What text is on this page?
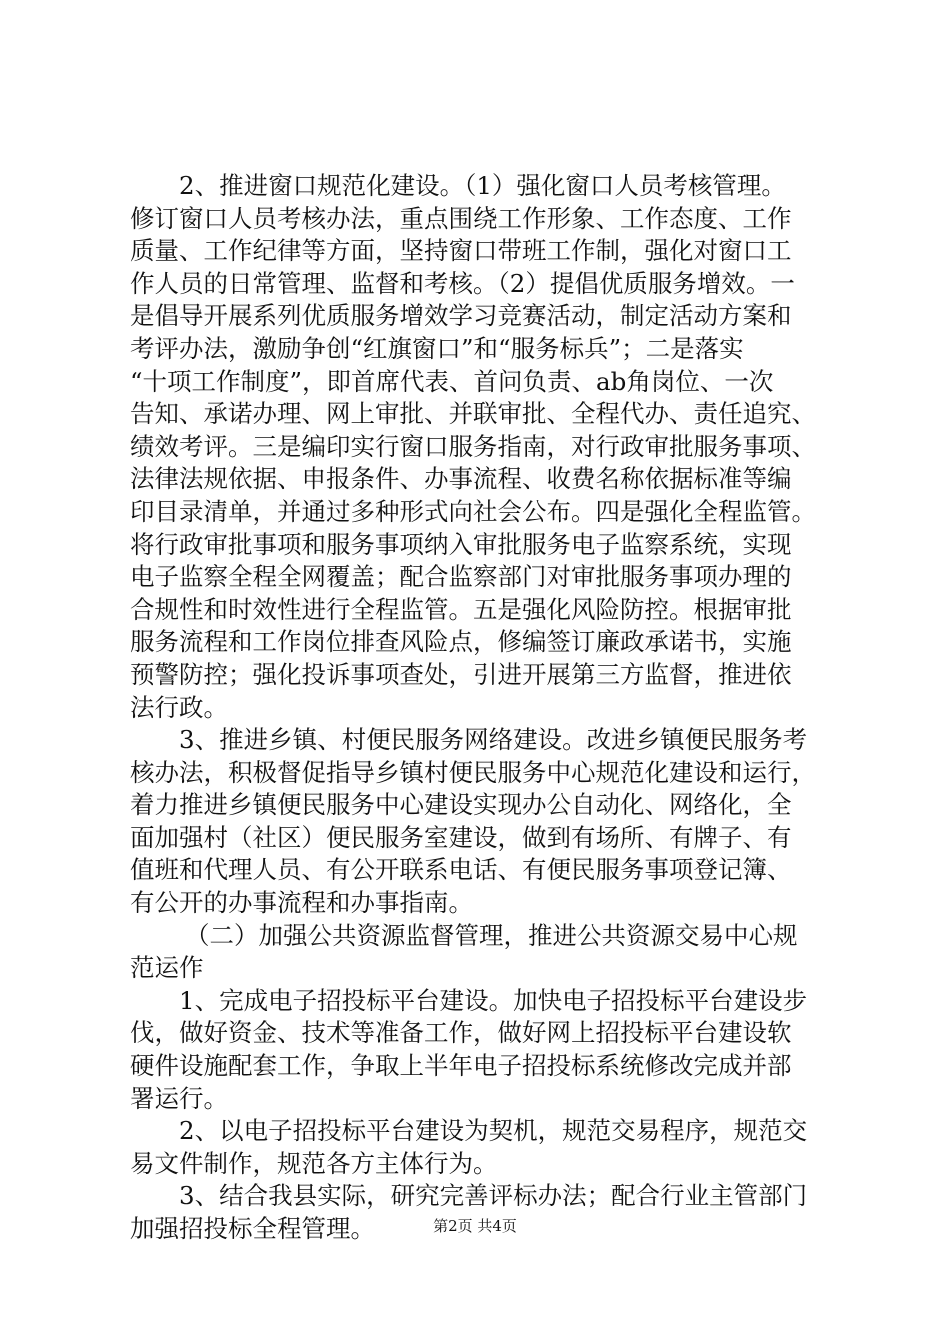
2、推进窗口规范化建设。（1）强化窗口人员考核管理。
修订窗口人员考核办法，重点围绕工作形象、工作态度、工作
质量、工作纪律等方面，坚持窗口带班工作制，强化对窗口工
作人员的日常管理、监督和考核。（2）提倡优质服务增效。一
是倡导开展系列优质服务增效学习竞赛活动，制定活动方案和
考评办法，激励争创“红旗窗口”和“服务标兵”；二是落实
“十项工作制度”，即首席代表、首问负责、ab角岗位、一次
告知、承诺办理、网上审批、并联审批、全程代办、责任追究、
绩效考评。三是编印实行窗口服务指南，对行政审批服务事项、
法律法规依据、申报条件、办事流程、收费名称依据标准等编
印目录清单，并通过多种形式向社会公布。四是强化全程监管。
将行政审批事项和服务事项纳入审批服务电子监察系统，实现
电子监察全程全网覆盖；配合监察部门对审批服务事项办理的
合规性和时效性进行全程监管。五是强化风险防控。根据审批
服务流程和工作岗位排查风险点，修编签订廉政承诺书，实施
预警防控；强化投诉事项查处，引进开展第三方监督，推进依
法行政。
3、推进乡镇、村便民服务网络建设。改进乡镇便民服务考
核办法，积极督促指导乡镇村便民服务中心规范化建设和运行，
着力推进乡镇便民服务中心建设实现办公自动化、网络化，全
面加强村（社区）便民服务室建设，做到有场所、有牌子、有
值班和代理人员、有公开联系电话、有便民服务事项登记簿、
有公开的办事流程和办事指南。
（二）加强公共资源监督管理，推进公共资源交易中心规
范运作
1、完成电子招投标平台建设。加快电子招投标平台建设步
伐，做好资金、技术等准备工作，做好网上招投标平台建设软
硬件设施配套工作，争取上半年电子招投标系统修改完成并部
署运行。
2、以电子招投标平台建设为契机，规范交易程序，规范交
易文件制作，规范各方主体行为。
3、结合我县实际，研究完善评标办法；配合行业主管部门
加强招投标全程管理。	第2页 共4页
